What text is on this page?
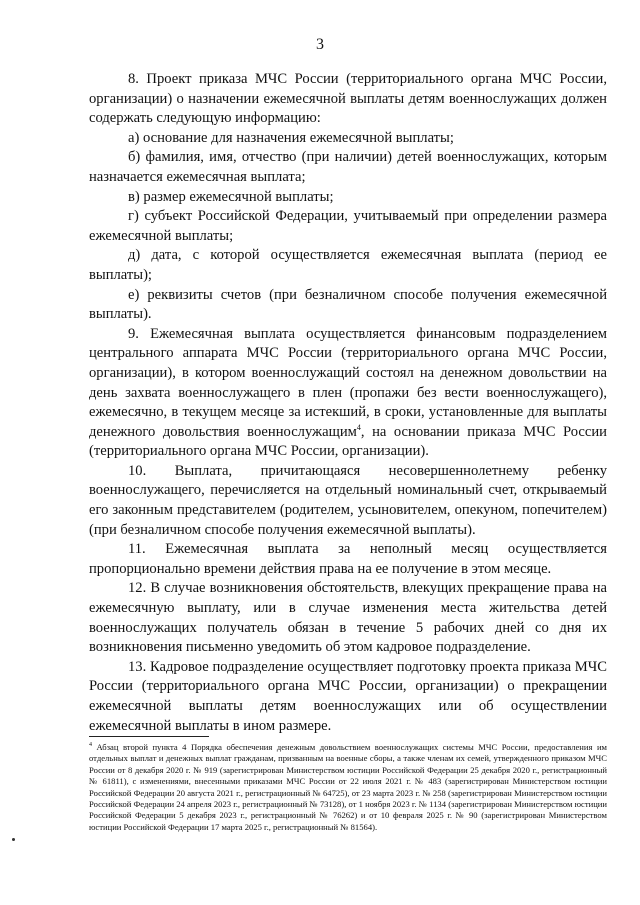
3

8. Проект приказа МЧС России (территориального органа МЧС России, организации) о назначении ежемесячной выплаты детям военнослужащих должен содержать следующую информацию:

а) основание для назначения ежемесячной выплаты;

б) фамилия, имя, отчество (при наличии) детей военнослужащих, которым назначается ежемесячная выплата;

в) размер ежемесячной выплаты;

г) субъект Российской Федерации, учитываемый при определении размера ежемесячной выплаты;

д) дата, с которой осуществляется ежемесячная выплата (период ее выплаты);

е) реквизиты счетов (при безналичном способе получения ежемесячной выплаты).

9. Ежемесячная выплата осуществляется финансовым подразделением центрального аппарата МЧС России (территориального органа МЧС России, организации), в котором военнослужащий состоял на денежном довольствии на день захвата военнослужащего в плен (пропажи без вести военнослужащего), ежемесячно, в текущем месяце за истекший, в сроки, установленные для выплаты денежного довольствия военнослужащим$^4$, на основании приказа МЧС России (территориального органа МЧС России, организации).

10. Выплата, причитающаяся несовершеннолетнему ребенку военнослужащего, перечисляется на отдельный номинальный счет, открываемый его законным представителем (родителем, усыновителем, опекуном, попечителем) (при безналичном способе получения ежемесячной выплаты).

11. Ежемесячная выплата за неполный месяц осуществляется пропорционально времени действия права на ее получение в этом месяце.

12. В случае возникновения обстоятельств, влекущих прекращение права на ежемесячную выплату, или в случае изменения места жительства детей военнослужащих получатель обязан в течение 5 рабочих дней со дня их возникновения письменно уведомить об этом кадровое подразделение.

13. Кадровое подразделение осуществляет подготовку проекта приказа МЧС России (территориального органа МЧС России, организации) о прекращении ежемесячной выплаты детям военнослужащих или об осуществлении ежемесячной выплаты в ином размере.

$^4$ Абзац второй пункта 4 Порядка обеспечения денежным довольствием военнослужащих системы МЧС России, предоставления им отдельных выплат и денежных выплат гражданам, призванным на военные сборы, а также членам их семей, утвержденного приказом МЧС России от 8 декабря 2020 г. № 919 (зарегистрирован Министерством юстиции Российской Федерации 25 декабря 2020 г., регистрационный № 61811), с изменениями, внесенными приказами МЧС России от 22 июля 2021 г. № 483 (зарегистрирован Министерством юстиции Российской Федерации 20 августа 2021 г., регистрационный № 64725), от 23 марта 2023 г. № 258 (зарегистрирован Министерством юстиции Российской Федерации 24 апреля 2023 г., регистрационный № 73128), от 1 ноября 2023 г. № 1134 (зарегистрирован Министерством юстиции Российской Федерации 5 декабря 2023 г., регистрационный № 76262) и от 10 февраля 2025 г. № 90 (зарегистрирован Министерством юстиции Российской Федерации 17 марта 2025 г., регистрационный № 81564).
